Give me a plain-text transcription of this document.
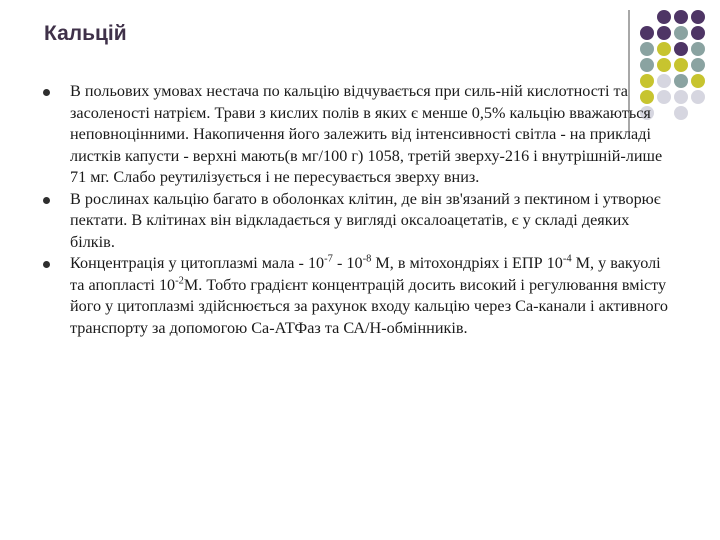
Кальцій
В польових умовах нестача по кальцію відчувається при силь-ній кислотності та засоленості натрієм. Трави з кислих полів в яких є менше 0,5% кальцію вважаються неповноцінними. Накопичення його залежить від інтенсивності світла - на прикладі листків капусти - верхні мають(в мг/100 г) 1058, третій зверху-216 і внутрішній-лише 71 мг. Слабо реутилізується і не пересувається зверху вниз.
В рослинах кальцію багато в оболонках клітин, де він зв'язаний з пектином і утворює пектати. В клітинах він відкладається у вигляді оксалоацетатів, є у складі деяких білків.
Концентрація у цитоплазмі мала - $10^{-7} - 10^{-8}$ М, в мітохондріях і ЕПР $10^{-4}$ М, у вакуолі та апопласті $10^{-2}М$. Тобто градієнт концентрацій досить високий і регулювання вмісту його у цитоплазмі здійснюється за рахунок входу кальцію через Са-канали і активного транспорту за допомогою Са-АТФаз та СА/Н-обмінників.
